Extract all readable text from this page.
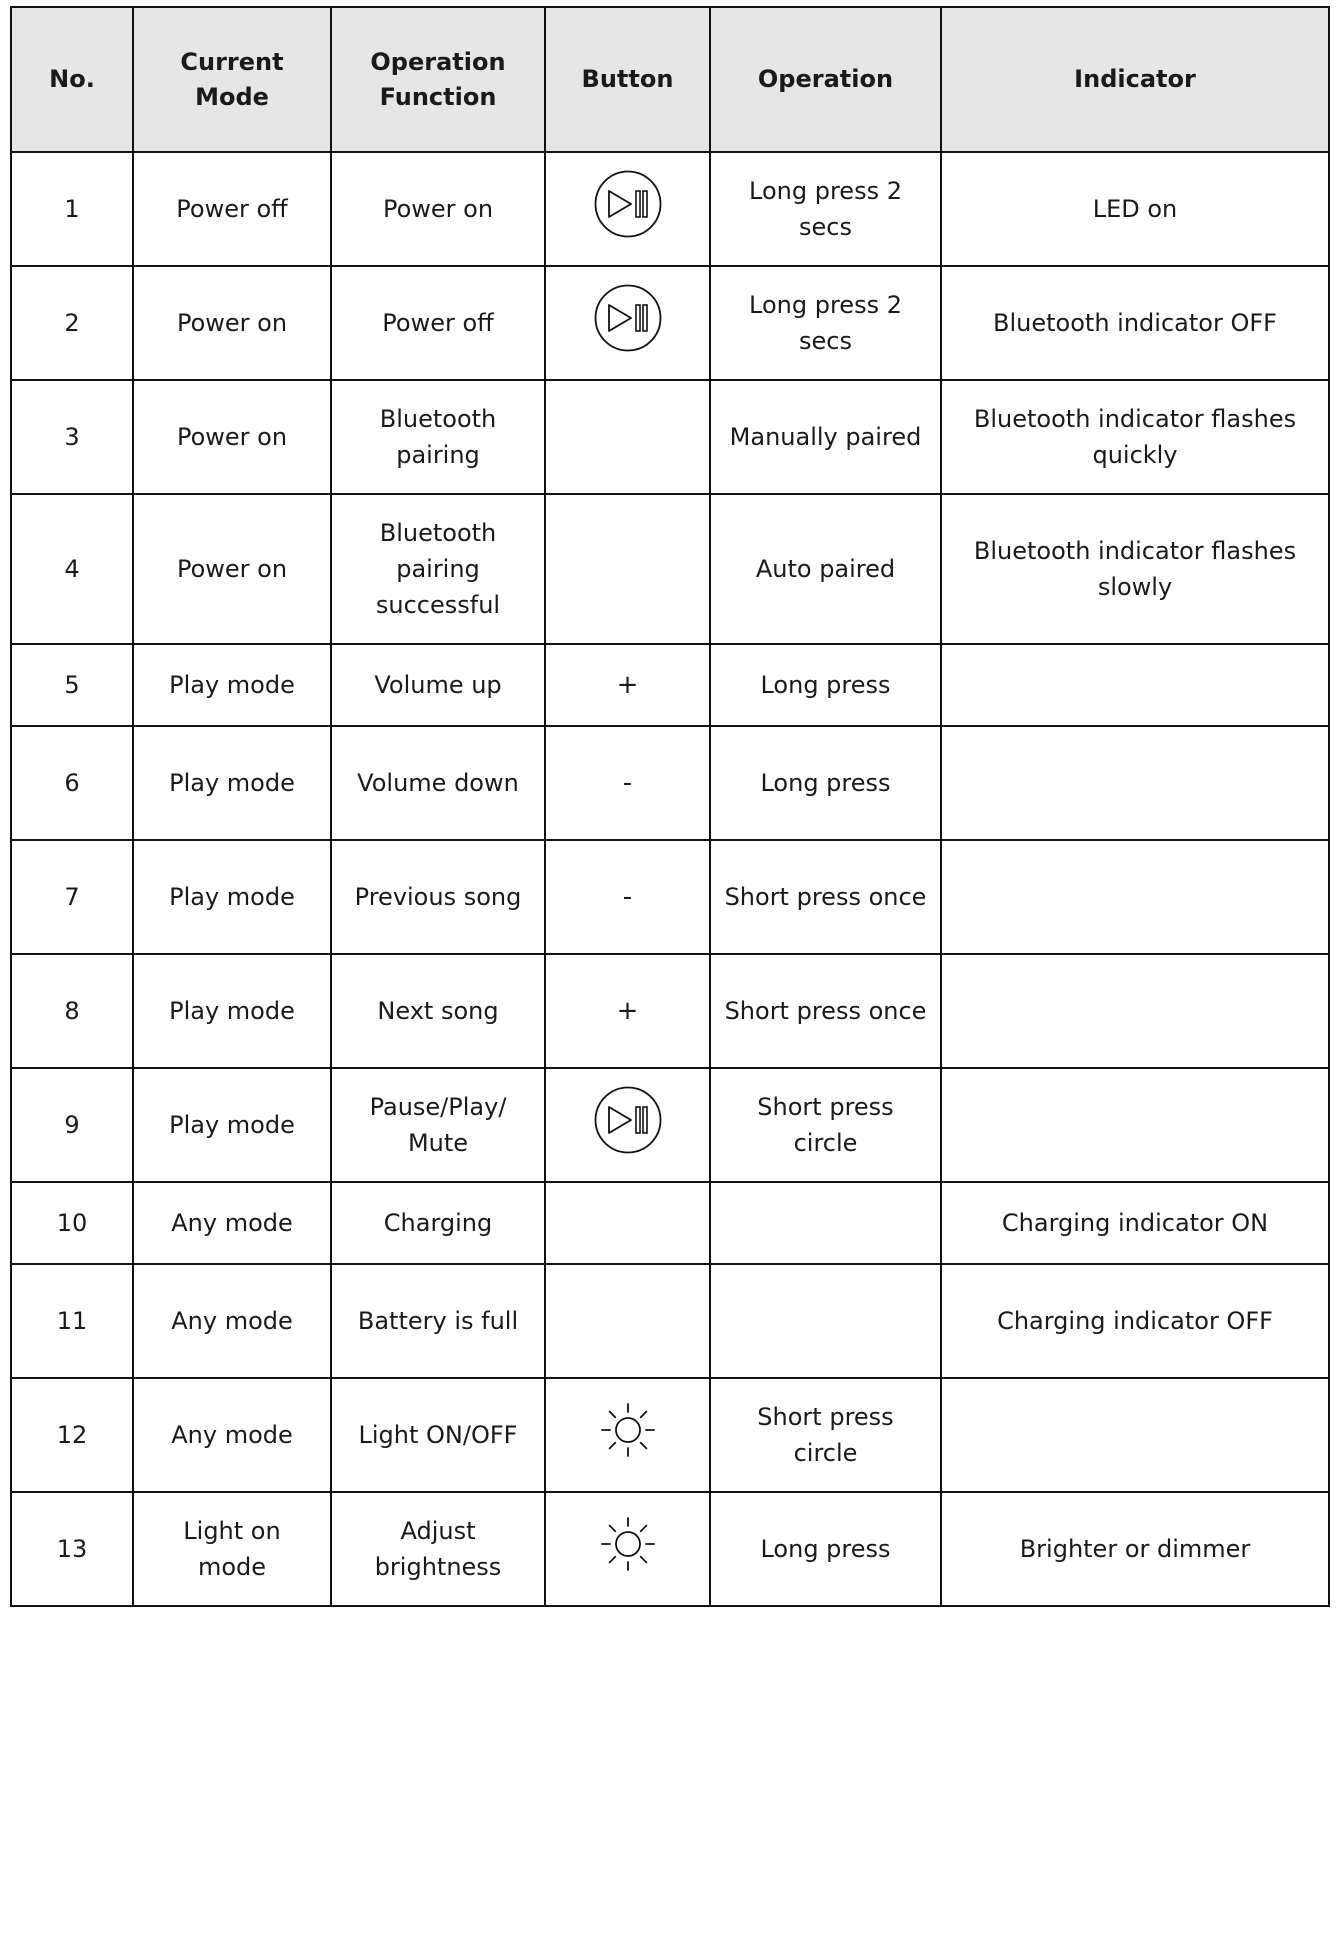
No.	Current Mode	Operation Function	Button	Operation	Indicator
1	Power off	Power on		Long press 2 secs	LED on
2	Power on	Power off		Long press 2 secs	Bluetooth indicator OFF
3	Power on	Bluetooth pairing		Manually paired	Bluetooth indicator flashes quickly
4	Power on	Bluetooth pairing successful		Auto paired	Bluetooth indicator flashes slowly
5	Play mode	Volume up	+	Long press	
6	Play mode	Volume down	-	Long press	
7	Play mode	Previous song	-	Short press once	
8	Play mode	Next song	+	Short press once	
9	Play mode	Pause/Play/ Mute		Short press circle	
10	Any mode	Charging			Charging indicator ON
11	Any mode	Battery is full			Charging indicator OFF
12	Any mode	Light ON/OFF		Short press circle	
13	Light on mode	Adjust brightness		Long press	Brighter or dimmer
